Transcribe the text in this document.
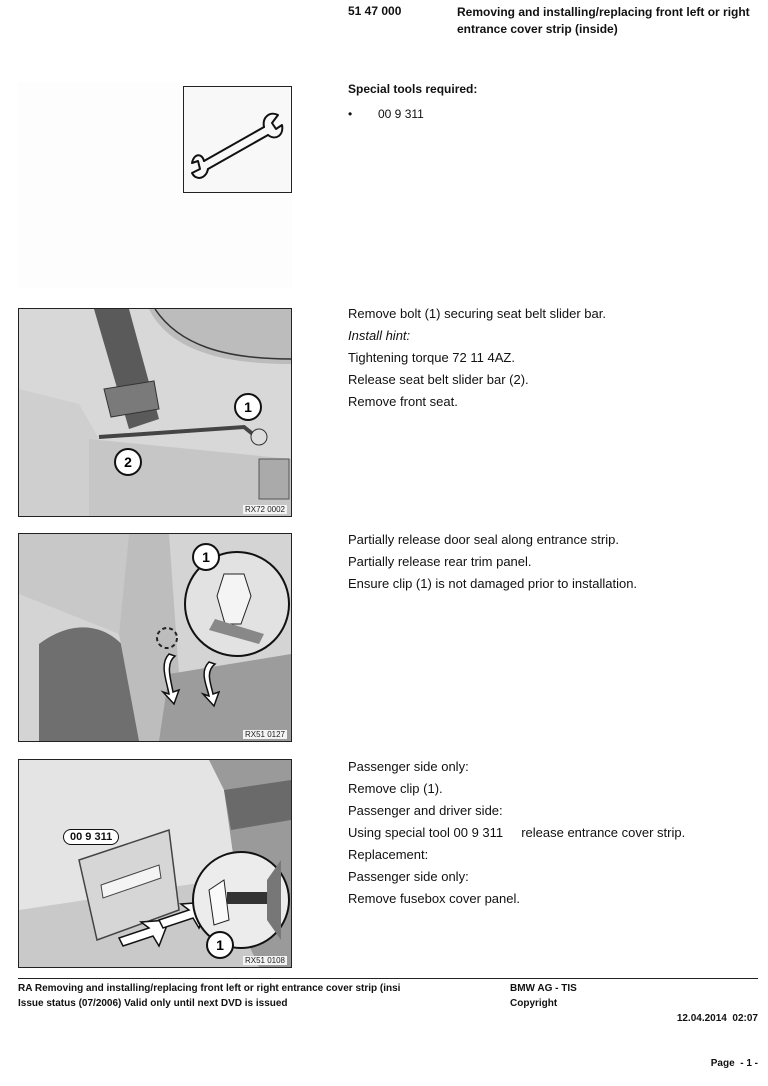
51 47 000	Removing and installing/replacing front left or right entrance cover strip (inside)
Special tools required:
• 00 9 311
1
2
RX72 0002

Remove bolt (1) securing seat belt slider bar.

Install hint:

Tightening torque 72 11 4AZ.

Release seat belt slider bar (2).

Remove front seat.

1
RX51 0127

Partially release door seal along entrance strip.

Partially release rear trim panel.

Ensure clip (1) is not damaged prior to installation.

00 9 311
1
RX51 0108

Passenger side only:

Remove clip (1).

Passenger and driver side:

Using special tool 00 9 311     release entrance cover strip.

Replacement:

Passenger side only:

Remove fusebox cover panel.

RA Removing and installing/replacing front left or right entrance cover strip (insi
Issue status (07/2006) Valid only until next DVD is issued
BMW AG - TIS
Copyright

12.04.2014  02:07

Page  - 1 -
